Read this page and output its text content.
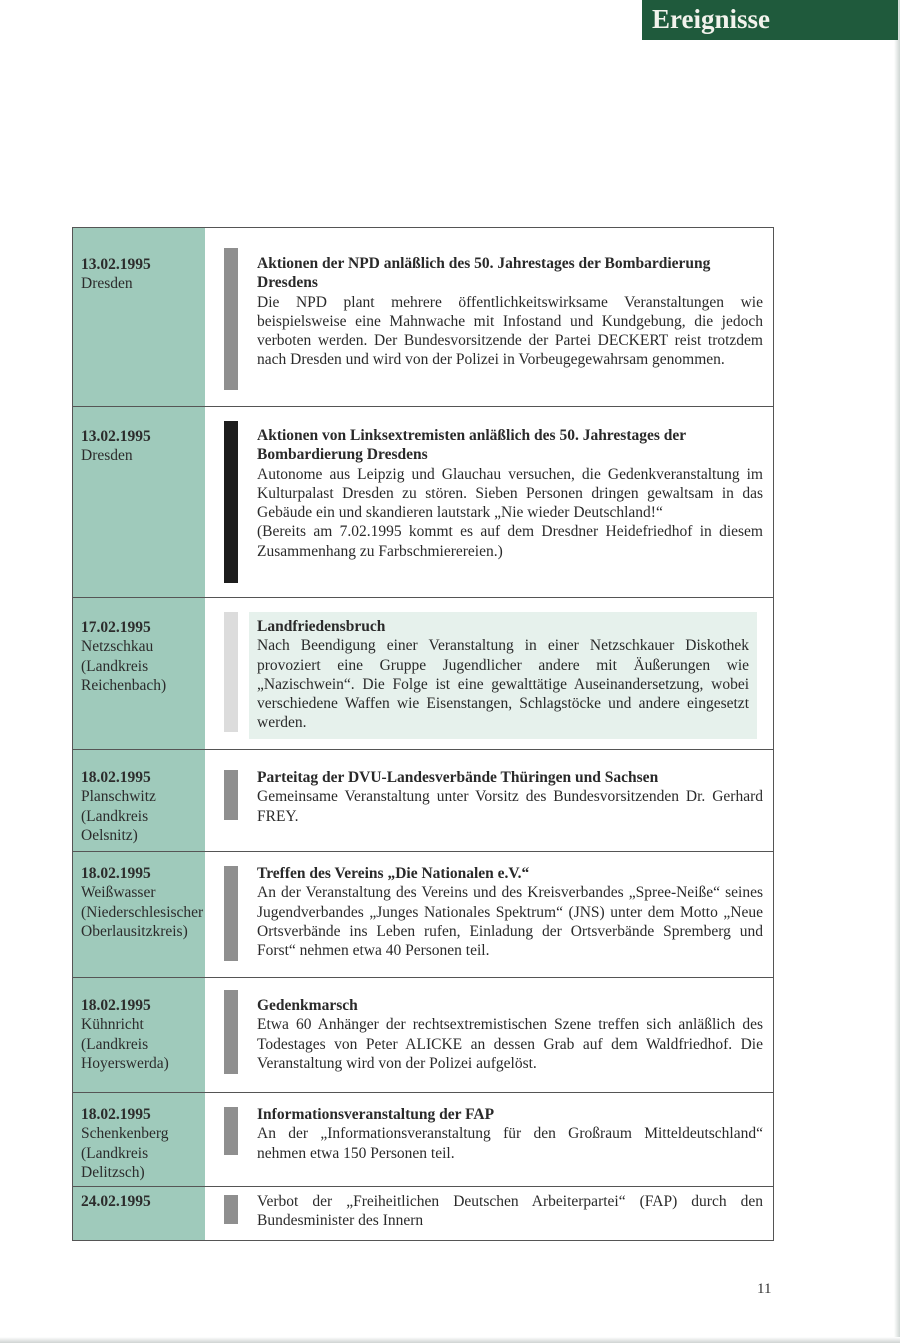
Ereignisse
13.02.1995
Dresden
Aktionen der NPD anläßlich des 50. Jahrestages der Bombardierung Dresdens
Die NPD plant mehrere öffentlichkeitswirksame Veranstaltungen wie beispielsweise eine Mahnwache mit Infostand und Kundgebung, die jedoch verboten werden. Der Bundesvorsitzende der Partei DECKERT reist trotzdem nach Dresden und wird von der Polizei in Vorbeugegewahrsam genommen.
13.02.1995
Dresden
Aktionen von Linksextremisten anläßlich des 50. Jahrestages der Bombardierung Dresdens
Autonome aus Leipzig und Glauchau versuchen, die Gedenkveranstaltung im Kulturpalast Dresden zu stören. Sieben Personen dringen gewaltsam in das Gebäude ein und skandieren lautstark „Nie wieder Deutschland!“
(Bereits am 7.02.1995 kommt es auf dem Dresdner Heidefriedhof in diesem Zusammenhang zu Farbschmierereien.)
17.02.1995
Netzschkau (Landkreis Reichenbach)
Landfriedensbruch
Nach Beendigung einer Veranstaltung in einer Netzschkauer Diskothek provoziert eine Gruppe Jugendlicher andere mit Äußerungen wie „Nazischwein“. Die Folge ist eine gewalttätige Auseinandersetzung, wobei verschiedene Waffen wie Eisenstangen, Schlagstöcke und andere eingesetzt werden.
18.02.1995
Planschwitz (Landkreis Oelsnitz)
Parteitag der DVU-Landesverbände Thüringen und Sachsen
Gemeinsame Veranstaltung unter Vorsitz des Bundesvorsitzenden Dr. Gerhard FREY.
18.02.1995
Weißwasser (Niederschlesischer Oberlausitzkreis)
Treffen des Vereins „Die Nationalen e.V.“
An der Veranstaltung des Vereins und des Kreisverbandes „Spree-Neiße“ seines Jugendverbandes „Junges Nationales Spektrum“ (JNS) unter dem Motto „Neue Ortsverbände ins Leben rufen, Einladung der Ortsverbände Spremberg und Forst“ nehmen etwa 40 Personen teil.
18.02.1995
Kühnricht (Landkreis Hoyerswerda)
Gedenkmarsch
Etwa 60 Anhänger der rechtsextremistischen Szene treffen sich anläßlich des Todestages von Peter ALICKE an dessen Grab auf dem Waldfriedhof. Die Veranstaltung wird von der Polizei aufgelöst.
18.02.1995
Schenkenberg (Landkreis Delitzsch)
Informationsveranstaltung der FAP
An der „Informationsveranstaltung für den Großraum Mitteldeutschland“ nehmen etwa 150 Personen teil.
24.02.1995	Verbot der „Freiheitlichen Deutschen Arbeiterpartei“ (FAP) durch den Bundesminister des Innern
11
